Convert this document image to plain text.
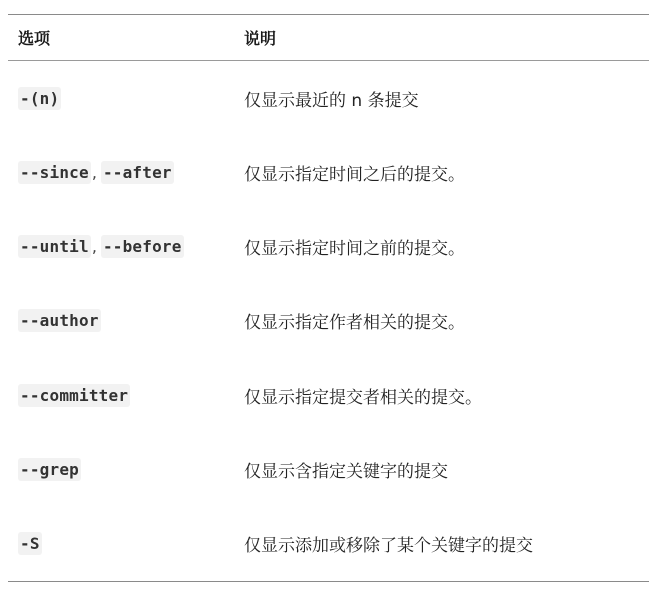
选项	说明
-(n)	仅显示最近的 n 条提交
--since , --after	仅显示指定时间之后的提交。
--until , --before	仅显示指定时间之前的提交。
--author	仅显示指定作者相关的提交。
--committer	仅显示指定提交者相关的提交。
--grep	仅显示含指定关键字的提交
-S	仅显示添加或移除了某个关键字的提交
